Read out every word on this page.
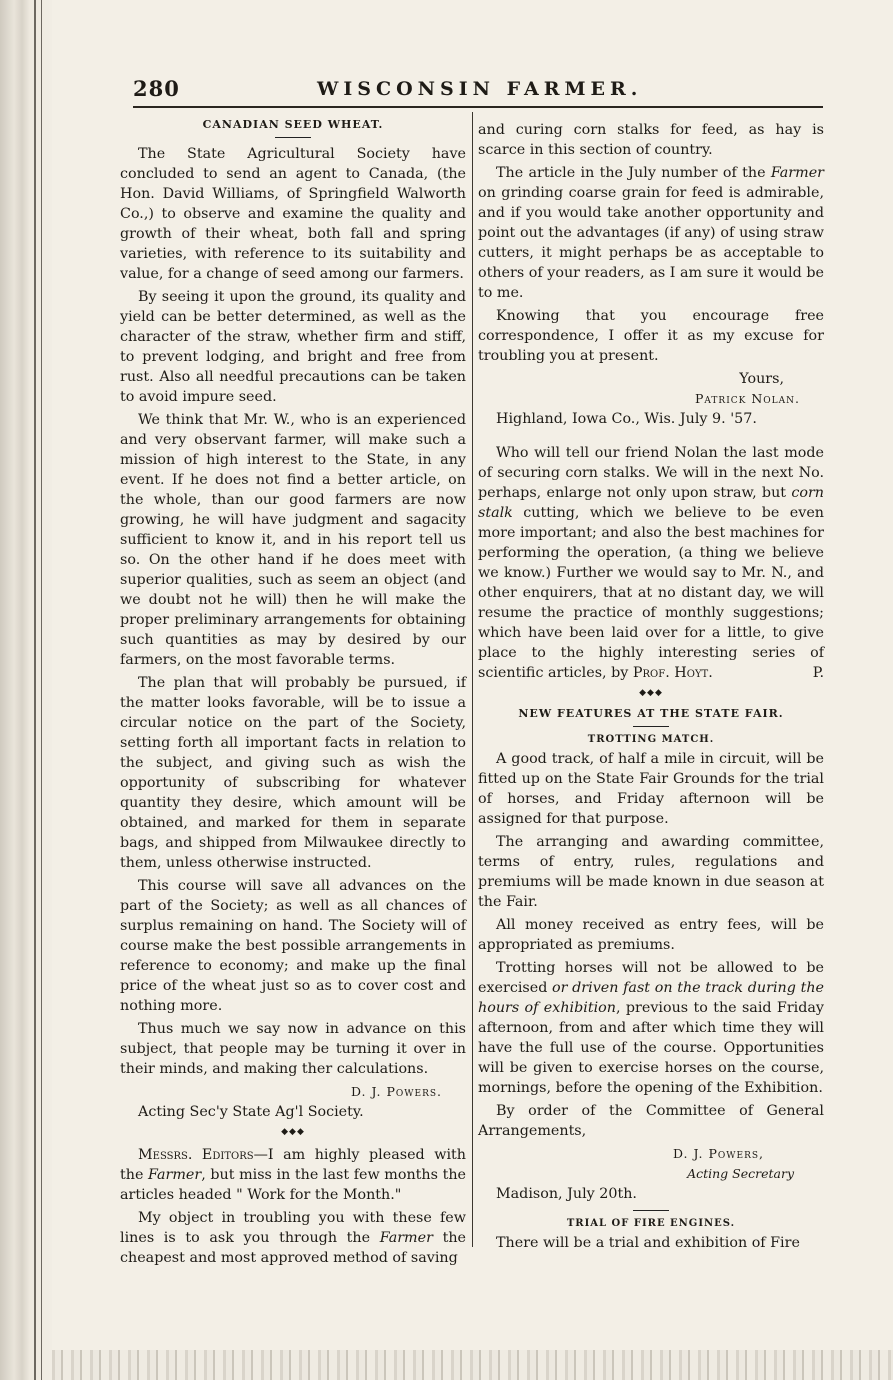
280	WISCONSIN FARMER.
CANADIAN SEED WHEAT.

The State Agricultural Society have concluded to send an agent to Canada, (the Hon. David Williams, of Springfield Walworth Co.,) to observe and examine the quality and growth of their wheat, both fall and spring varieties, with reference to its suitability and value, for a change of seed among our farmers.

By seeing it upon the ground, its quality and yield can be better determined, as well as the character of the straw, whether firm and stiff, to prevent lodging, and bright and free from rust. Also all needful precautions can be taken to avoid impure seed.

We think that Mr. W., who is an experienced and very observant farmer, will make such a mission of high interest to the State, in any event. If he does not find a better article, on the whole, than our good farmers are now growing, he will have judgment and sagacity sufficient to know it, and in his report tell us so. On the other hand if he does meet with superior qualities, such as seem an object (and we doubt not he will) then he will make the proper preliminary arrangements for obtaining such quantities as may by desired by our farmers, on the most favorable terms.

The plan that will probably be pursued, if the matter looks favorable, will be to issue a circular notice on the part of the Society, setting forth all important facts in relation to the subject, and giving such as wish the opportunity of subscribing for whatever quantity they desire, which amount will be obtained, and marked for them in separate bags, and shipped from Milwaukee directly to them, unless otherwise instructed.

This course will save all advances on the part of the Society; as well as all chances of surplus remaining on hand. The Society will of course make the best possible arrangements in reference to economy; and make up the final price of the wheat just so as to cover cost and nothing more.

Thus much we say now in advance on this subject, that people may be turning it over in their minds, and making ther calculations.

D. J. Powers.

Acting Sec'y State Ag'l Society.

◆◆◆

Messrs. Editors—I am highly pleased with the Farmer, but miss in the last few months the articles headed " Work for the Month."

My object in troubling you with these few lines is to ask you through the Farmer the cheapest and most approved method of saving

and curing corn stalks for feed, as hay is scarce in this section of country.

The article in the July number of the Farmer on grinding coarse grain for feed is admirable, and if you would take another opportunity and point out the advantages (if any) of using straw cutters, it might perhaps be as acceptable to others of your readers, as I am sure it would be to me.

Knowing that you encourage free correspondence, I offer it as my excuse for troubling you at present.

Yours,
Patrick Nolan.

Highland, Iowa Co., Wis. July 9. '57.

Who will tell our friend Nolan the last mode of securing corn stalks. We will in the next No. perhaps, enlarge not only upon straw, but corn stalk cutting, which we believe to be even more important; and also the best machines for performing the operation, (a thing we believe we know.) Further we would say to Mr. N., and other enquirers, that at no distant day, we will resume the practice of monthly suggestions; which have been laid over for a little, to give place to the highly interesting series of scientific articles, by Prof. Hoyt.	P.

◆◆◆
NEW FEATURES AT THE STATE FAIR.
TROTTING MATCH.

A good track, of half a mile in circuit, will be fitted up on the State Fair Grounds for the trial of horses, and Friday afternoon will be assigned for that purpose.

The arranging and awarding committee, terms of entry, rules, regulations and premiums will be made known in due season at the Fair.

All money received as entry fees, will be appropriated as premiums.

Trotting horses will not be allowed to be exercised or driven fast on the track during the hours of exhibition, previous to the said Friday afternoon, from and after which time they will have the full use of the course. Opportunities will be given to exercise horses on the course, mornings, before the opening of the Exhibition.

By order of the Committee of General Arrangements,

D. J. Powers,
Acting Secretary

Madison, July 20th.

TRIAL OF FIRE ENGINES.

There will be a trial and exhibition of Fire
